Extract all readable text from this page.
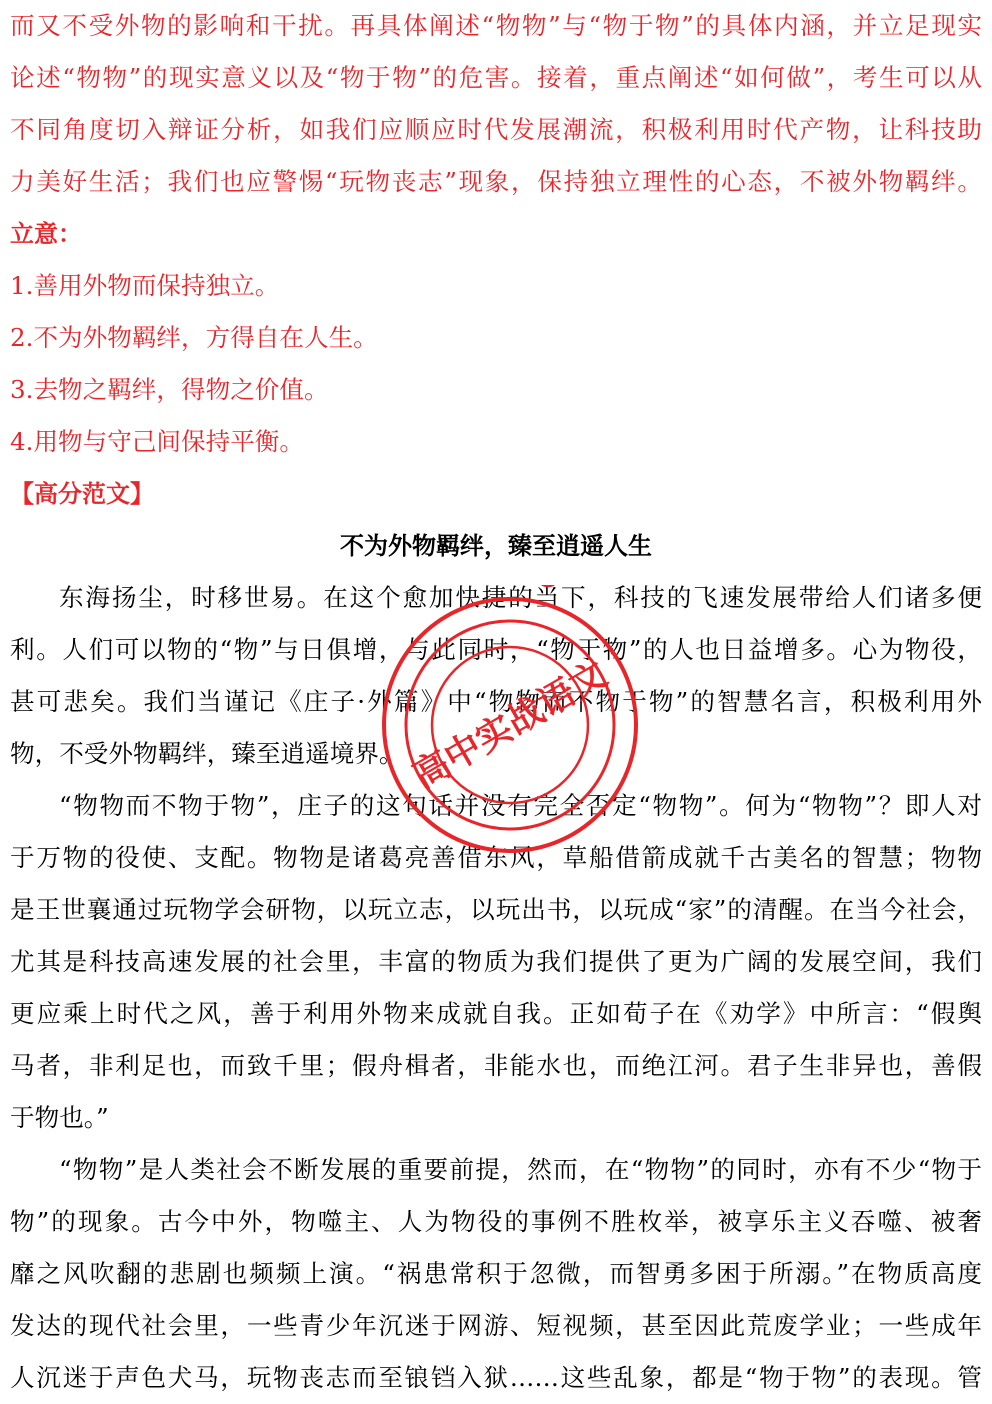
而又不受外物的影响和干扰。再具体阐述“物物”与“物于物”的具体内涵，并立足现实

论述“物物”的现实意义以及“物于物”的危害。接着，重点阐述“如何做”，考生可以从

不同角度切入辩证分析，如我们应顺应时代发展潮流，积极利用时代产物，让科技助

力美好生活；我们也应警惕“玩物丧志”现象，保持独立理性的心态，不被外物羁绊。

立意：

1.善用外物而保持独立。

2.不为外物羁绊，方得自在人生。

3.去物之羁绊，得物之价值。

4.用物与守己间保持平衡。

【高分范文】

不为外物羁绊，臻至逍遥人生

东海扬尘，时移世易。在这个愈加快捷的当下，科技的飞速发展带给人们诸多便

利。人们可以物的“物”与日俱增，与此同时，“物于物”的人也日益增多。心为物役，

甚可悲矣。我们当谨记《庄子·外篇》中“物物而不物于物”的智慧名言，积极利用外

物，不受外物羁绊，臻至逍遥境界。

“物物而不物于物”，庄子的这句话并没有完全否定“物物”。何为“物物”？即人对

于万物的役使、支配。物物是诸葛亮善借东风，草船借箭成就千古美名的智慧；物物

是王世襄通过玩物学会研物，以玩立志，以玩出书，以玩成“家”的清醒。在当今社会，

尤其是科技高速发展的社会里，丰富的物质为我们提供了更为广阔的发展空间，我们

更应乘上时代之风，善于利用外物来成就自我。正如荀子在《劝学》中所言：“假舆

马者，非利足也，而致千里；假舟楫者，非能水也，而绝江河。君子生非异也，善假

于物也。”

“物物”是人类社会不断发展的重要前提，然而，在“物物”的同时，亦有不少“物于

物”的现象。古今中外，物噬主、人为物役的事例不胜枚举，被享乐主义吞噬、被奢

靡之风吹翻的悲剧也频频上演。“祸患常积于忽微，而智勇多困于所溺。”在物质高度

发达的现代社会里，一些青少年沉迷于网游、短视频，甚至因此荒废学业；一些成年

人沉迷于声色犬马，玩物丧志而至锒铛入狱……这些乱象，都是“物于物”的表现。管

高中实战语文
